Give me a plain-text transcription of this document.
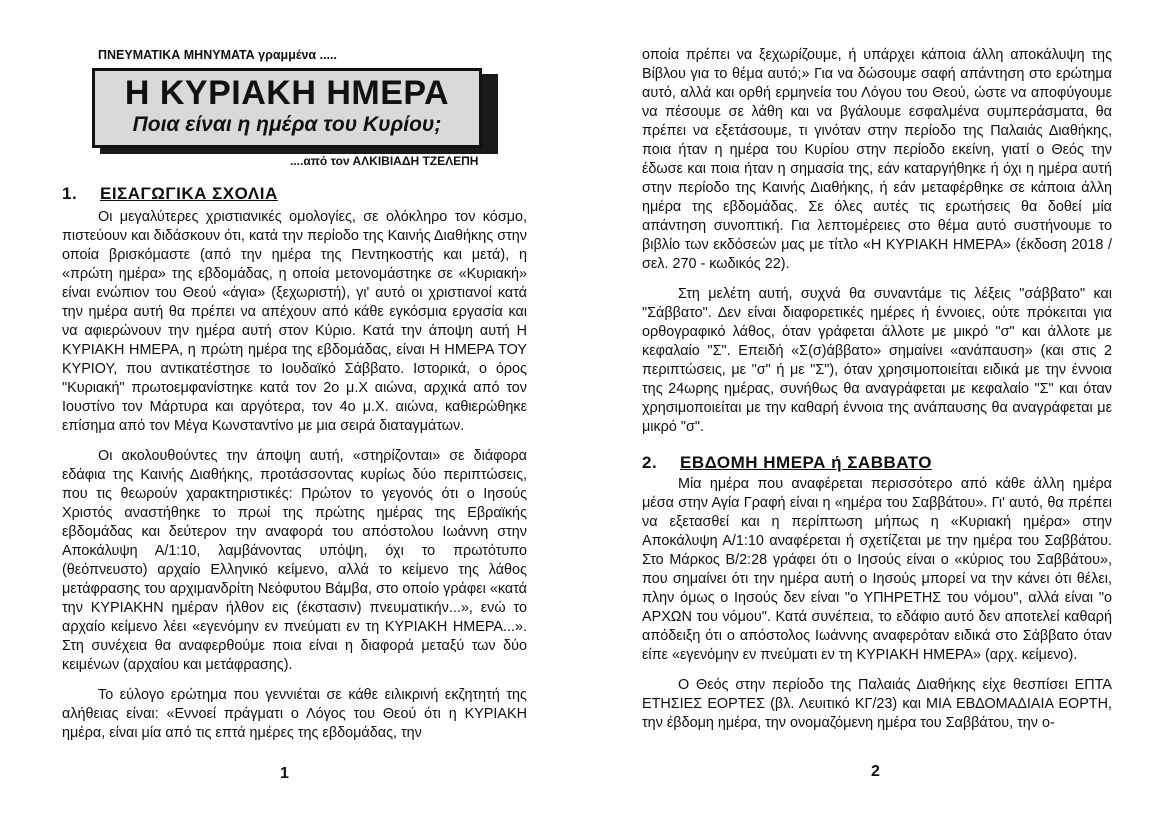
ΠΝΕΥΜΑΤΙΚΑ ΜΗΝΥΜΑΤΑ γραμμένα .....
Η ΚΥΡΙΑΚΗ ΗΜΕΡΑ
Ποια είναι η ημέρα του Κυρίου;
....από τον ΑΛΚΙΒΙΑΔΗ ΤΖΕΛΕΠΗ
1. ΕΙΣΑΓΩΓΙΚΑ ΣΧΟΛΙΑ

Οι μεγαλύτερες χριστιανικές ομολογίες, σε ολόκληρο τον κόσμο, πιστεύουν και διδάσκουν ότι, κατά την περίοδο της Καινής Διαθήκης στην οποία βρισκόμαστε (από την ημέρα της Πεντηκοστής και μετά), η «πρώτη ημέρα» της εβδομάδας, η οποία μετονομάστηκε σε «Κυριακή» είναι ενώπιον του Θεού «άγια» (ξεχωριστή), γι' αυτό οι χριστιανοί κατά την ημέρα αυτή θα πρέπει να απέχουν από κάθε εγκόσμια εργασία και να αφιερώνουν την ημέρα αυτή στον Κύριο. Κατά την άποψη αυτή Η ΚΥΡΙΑΚΗ ΗΜΕΡΑ, η πρώτη ημέρα της εβδομάδας, είναι Η ΗΜΕΡΑ ΤΟΥ ΚΥΡΙΟΥ, που αντικατέστησε το Ιουδαϊκό Σάββατο. Ιστορικά, ο όρος "Κυριακή" πρωτοεμφανίστηκε κατά τον 2ο μ.Χ αιώνα, αρχικά από τον Ιουστίνο τον Μάρτυρα και αργότερα, τον 4ο μ.Χ. αιώνα, καθιερώθηκε επίσημα από τον Μέγα Κωνσταντίνο με μια σειρά διαταγμάτων.

Οι ακολουθούντες την άποψη αυτή, «στηρίζονται» σε διάφορα εδάφια της Καινής Διαθήκης, προτάσσοντας κυρίως δύο περιπτώσεις, που τις θεωρούν χαρακτηριστικές: Πρώτον το γεγονός ότι ο Ιησούς Χριστός αναστήθηκε το πρωί της πρώτης ημέρας της Εβραϊκής εβδομάδας και δεύτερον την αναφορά του απόστολου Ιωάννη στην Αποκάλυψη Α/1:10, λαμβάνοντας υπόψη, όχι το πρωτότυπο (θεόπνευστο) αρχαίο Ελληνικό κείμενο, αλλά το κείμενο της λάθος μετάφρασης του αρχιμανδρίτη Νεόφυτου Βάμβα, στο οποίο γράφει «κατά την ΚΥΡΙΑΚΗΝ ημέραν ήλθον εις (έκστασιν) πνευματικήν...», ενώ το αρχαίο κείμενο λέει «εγενόμην εν πνεύματι εν τη ΚΥΡΙΑΚΗ ΗΜΕΡΑ...». Στη συνέχεια θα αναφερθούμε ποια είναι η διαφορά μεταξύ των δύο κειμένων (αρχαίου και μετάφρασης).

Το εύλογο ερώτημα που γεννιέται σε κάθε ειλικρινή εκζητητή της αλήθειας είναι: «Εννοεί πράγματι ο Λόγος του Θεού ότι η ΚΥΡΙΑΚΗ ημέρα, είναι μία από τις επτά ημέρες της εβδομάδας, την

1

οποία πρέπει να ξεχωρίζουμε, ή υπάρχει κάποια άλλη αποκάλυψη της Βίβλου για το θέμα αυτό;» Για να δώσουμε σαφή απάντηση στο ερώτημα αυτό, αλλά και ορθή ερμηνεία του Λόγου του Θεού, ώστε να αποφύγουμε να πέσουμε σε λάθη και να βγάλουμε εσφαλμένα συμπεράσματα, θα πρέπει να εξετάσουμε, τι γινόταν στην περίοδο της Παλαιάς Διαθήκης, ποια ήταν η ημέρα του Κυρίου στην περίοδο εκείνη, γιατί ο Θεός την έδωσε και ποια ήταν η σημασία της, εάν καταργήθηκε ή όχι η ημέρα αυτή στην περίοδο της Καινής Διαθήκης, ή εάν μεταφέρθηκε σε κάποια άλλη ημέρα της εβδομάδας. Σε όλες αυτές τις ερωτήσεις θα δοθεί μία απάντηση συνοπτική. Για λεπτομέρειες στο θέμα αυτό συστήνουμε το βιβλίο των εκδόσεών μας με τίτλο «Η ΚΥΡΙΑΚΗ ΗΜΕΡΑ» (έκδοση 2018 /σελ. 270 - κωδικός 22).

Στη μελέτη αυτή, συχνά θα συναντάμε τις λέξεις "σάββατο" και "Σάββατο". Δεν είναι διαφορετικές ημέρες ή έννοιες, ούτε πρόκειται για ορθογραφικό λάθος, όταν γράφεται άλλοτε με μικρό "σ" και άλλοτε με κεφαλαίο "Σ". Επειδή «Σ(σ)άββατο» σημαίνει «ανάπαυση» (και στις 2 περιπτώσεις, με "σ" ή με "Σ"), όταν χρησιμοποιείται ειδικά με την έννοια της 24ωρης ημέρας, συνήθως θα αναγράφεται με κεφαλαίο "Σ" και όταν χρησιμοποιείται με την καθαρή έννοια της ανάπαυσης θα αναγράφεται με μικρό "σ".

2. ΕΒΔΟΜΗ ΗΜΕΡΑ ή ΣΑΒΒΑΤΟ

Μία ημέρα που αναφέρεται περισσότερο από κάθε άλλη ημέρα μέσα στην Αγία Γραφή είναι η «ημέρα του Σαββάτου». Γι' αυτό, θα πρέπει να εξετασθεί και η περίπτωση μήπως η «Κυριακή ημέρα» στην Αποκάλυψη Α/1:10 αναφέρεται ή σχετίζεται με την ημέρα του Σαββάτου. Στο Μάρκος Β/2:28 γράφει ότι ο Ιησούς είναι ο «κύριος του Σαββάτου», που σημαίνει ότι την ημέρα αυτή ο Ιησούς μπορεί να την κάνει ότι θέλει, πλην όμως ο Ιησούς δεν είναι "ο ΥΠΗΡΕΤΗΣ του νόμου", αλλά είναι "ο ΑΡΧΩΝ του νόμου". Κατά συνέπεια, το εδάφιο αυτό δεν αποτελεί καθαρή απόδειξη ότι ο απόστολος Ιωάννης αναφερόταν ειδικά στο Σάββατο όταν είπε «εγενόμην εν πνεύματι εν τη ΚΥΡΙΑΚΗ ΗΜΕΡΑ» (αρχ. κείμενο).

Ο Θεός στην περίοδο της Παλαιάς Διαθήκης είχε θεσπίσει ΕΠΤΑ ΕΤΗΣΙΕΣ ΕΟΡΤΕΣ (βλ. Λευιτικό ΚΓ/23) και ΜΙΑ ΕΒΔΟΜΑΔΙΑΙΑ ΕΟΡΤΗ, την έβδομη ημέρα, την ονομαζόμενη ημέρα του Σαββάτου, την ο-

2
